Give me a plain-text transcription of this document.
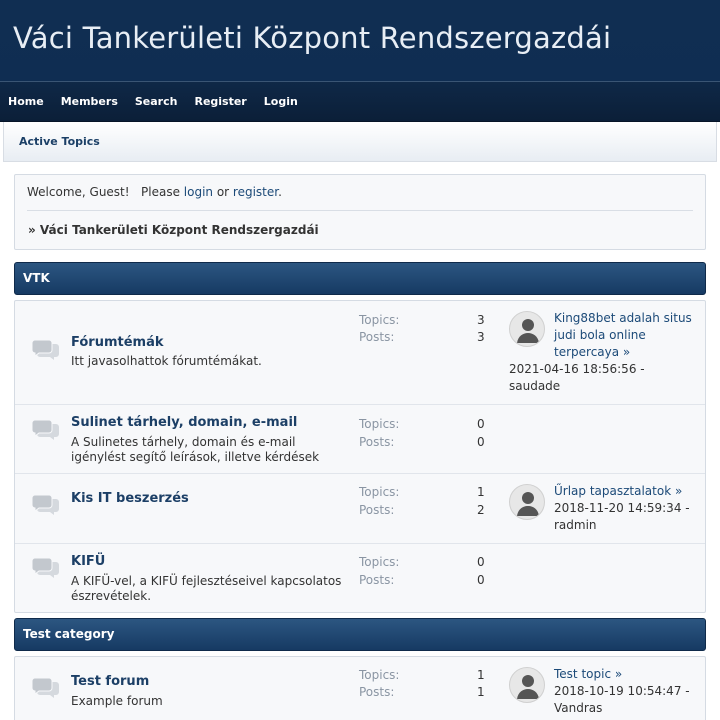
Váci Tankerületi Központ Rendszergazdái
Home Members Search Register Login
Active Topics
Welcome, Guest!   Please login or register.
» Váci Tankerületi Központ Rendszergazdái
VTK
Fórumtémák
Itt javasolhattok fórumtémákat.
Topics:	3
Posts:	3
King88bet adalah situs judi bola online terpercaya »
2021-04-16 18:56:56 -
saudade
Sulinet tárhely, domain, e-mail
A Sulinetes tárhely, domain és e-mail igénylést segítő leírások, illetve kérdések
Topics:	0
Posts:	0
Kis IT beszerzés	Topics:	1
Posts:	2
Űrlap tapasztalatok »
2018-11-20 14:59:34 -
radmin
KIFÜ
A KIFÜ-vel, a KIFÜ fejlesztéseivel kapcsolatos észrevételek.
Topics:	0
Posts:	0
Test category
Test forum
Example forum
Topics:	1
Posts:	1
Test topic »
2018-10-19 10:54:47 -
Vandras
